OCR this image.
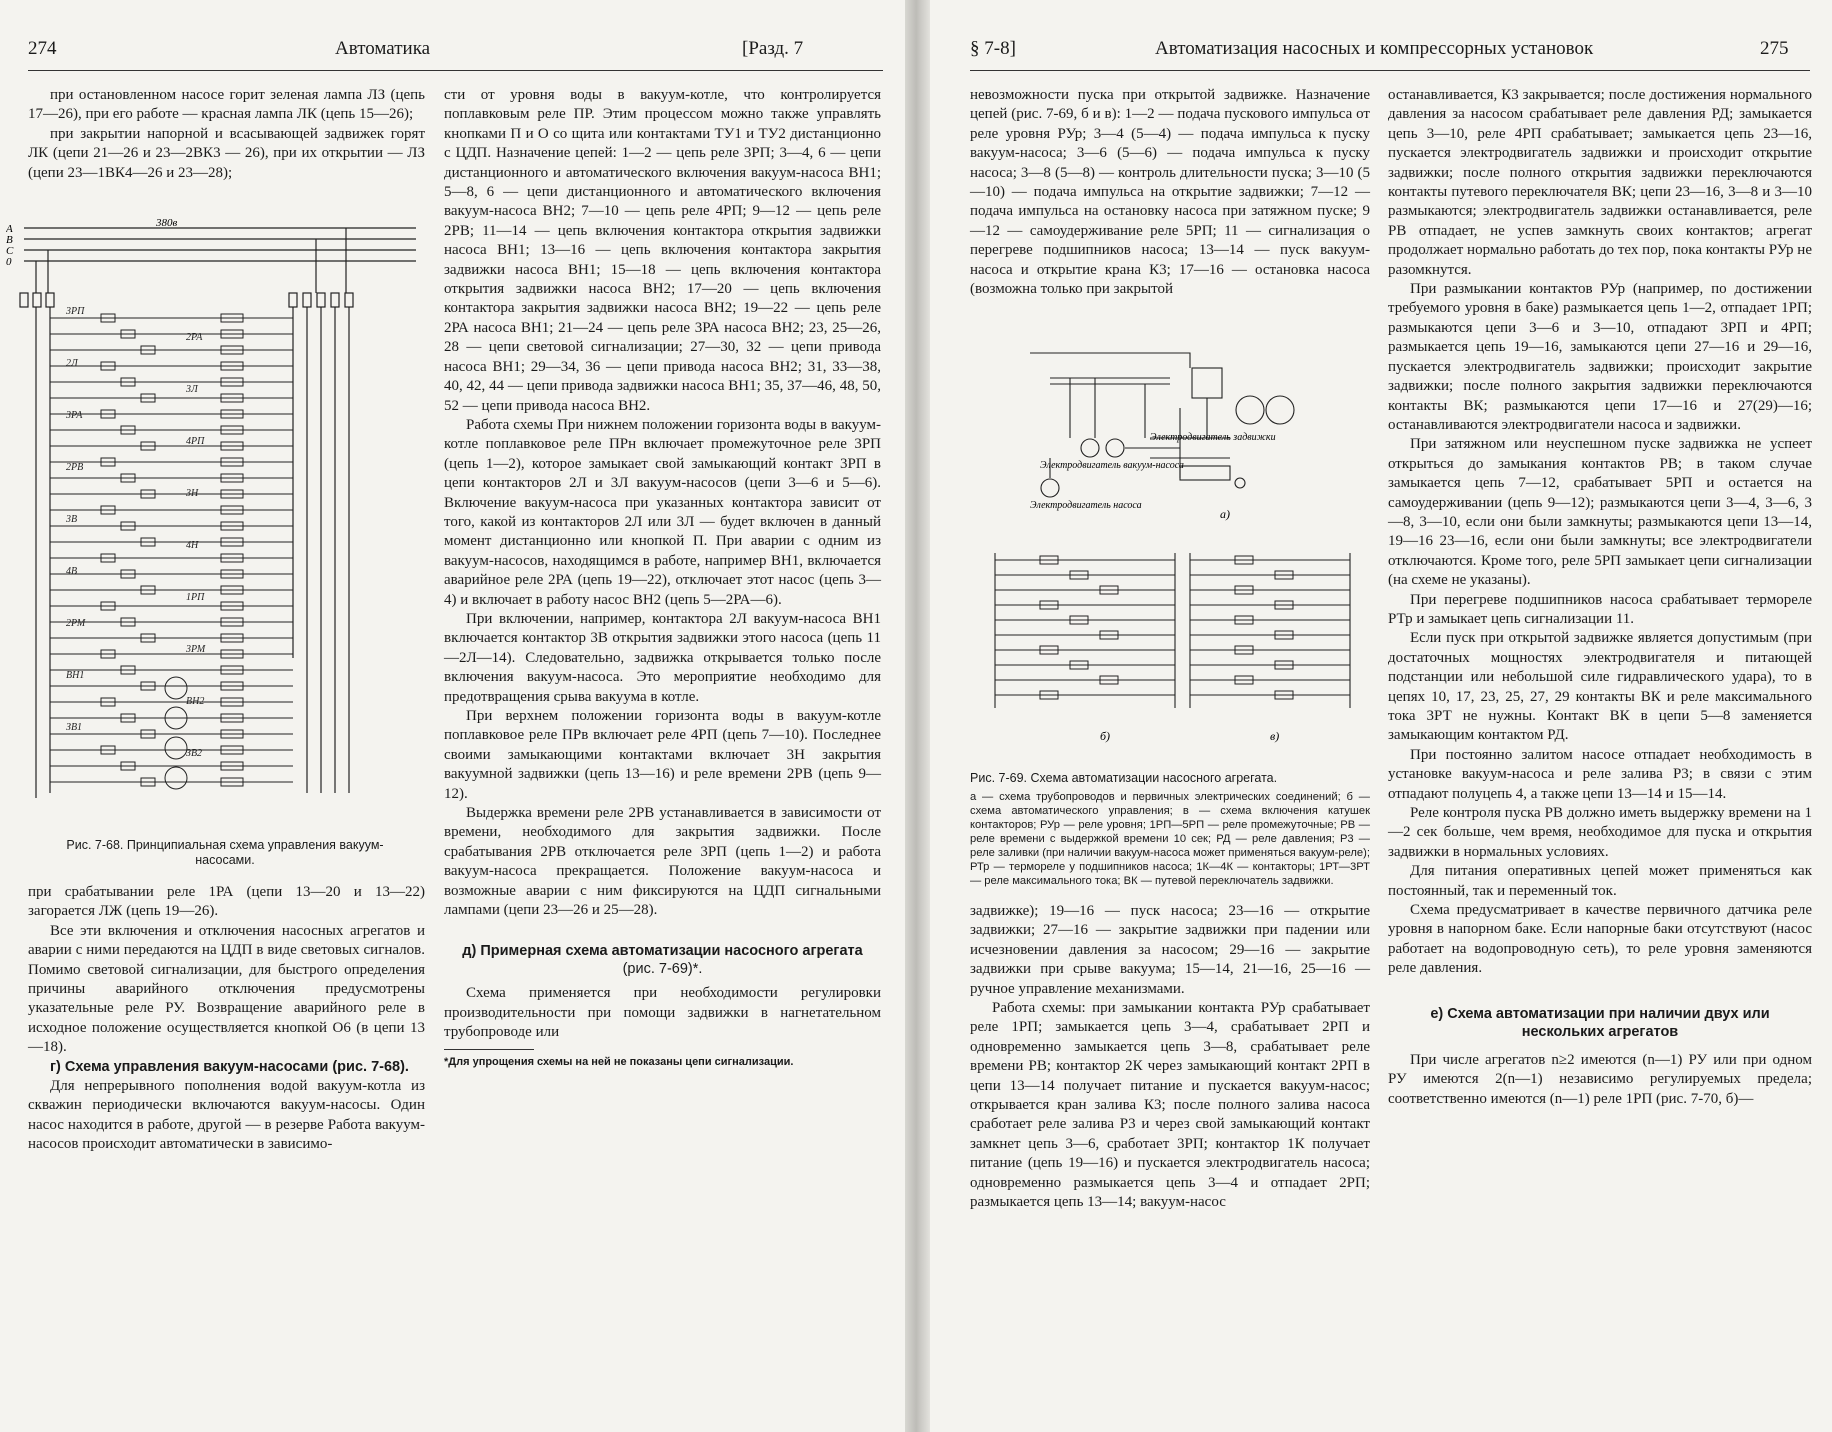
274	Автоматика	[Разд. 7

при остановленном насосе горит зеленая лампа ЛЗ (цепь 17—26), при его работе — красная лампа ЛК (цепь 15—26);

при закрытии напорной и всасывающей задвижек горят ЛК (цепи 21—26 и 23—2ВК3 — 26), при их открытии — ЛЗ (цепи 23—1ВК4—26 и 23—28);

3РП
2РА
2Л
3Л
3РА
4РП
2РВ
3Н
3В
4Н
4В
1РП
2РМ
3РМ
ВН1
ВН2
ЗВ1
ЗВ2
А
В
С
0
380в
Рис. 7-68. Принципиальная схема управления вакуум-насосами.

при срабатывании реле 1РА (цепи 13—20 и 13—22) загорается ЛЖ (цепь 19—26).

Все эти включения и отключения насосных агрегатов и аварии с ними передаются на ЦДП в виде световых сигналов. Помимо световой сигнализации, для быстрого определения причины аварийного отключения предусмотрены указательные реле РУ. Возвращение аварийного реле в исходное положение осуществляется кнопкой О6 (в цепи 13—18).

г) Схема управления вакуум-насосами (рис. 7-68).

Для непрерывного пополнения водой вакуум-котла из скважин периодически включаются вакуум-насосы. Один насос находится в работе, другой — в резерве Работа вакуум-насосов происходит автоматически в зависимо-

сти от уровня воды в вакуум-котле, что контролируется поплавковым реле ПР. Этим процессом можно также управлять кнопками П и О со щита или контактами ТУ1 и ТУ2 дистанционно с ЦДП. Назначение цепей: 1—2 — цепь реле 3РП; 3—4, 6 — цепи дистанционного и автоматического включения вакуум-насоса ВН1; 5—8, 6 — цепи дистанционного и автоматического включения вакуум-насоса ВН2; 7—10 — цепь реле 4РП; 9—12 — цепь реле 2РВ; 11—14 — цепь включения контактора открытия задвижки насоса ВН1; 13—16 — цепь включения контактора закрытия задвижки насоса ВН1; 15—18 — цепь включения контактора открытия задвижки насоса ВН2; 17—20 — цепь включения контактора закрытия задвижки насоса ВН2; 19—22 — цепь реле 2РА насоса ВН1; 21—24 — цепь реле 3РА насоса ВН2; 23, 25—26, 28 — цепи световой сигнализации; 27—30, 32 — цепи привода насоса ВН1; 29—34, 36 — цепи привода насоса ВН2; 31, 33—38, 40, 42, 44 — цепи привода задвижки насоса ВН1; 35, 37—46, 48, 50, 52 — цепи привода насоса ВН2.

Работа схемы При нижнем положении горизонта воды в вакуум-котле поплавковое реле ПРн включает промежуточное реле 3РП (цепь 1—2), которое замыкает свой замыкающий контакт 3РП в цепи контакторов 2Л и 3Л вакуум-насосов (цепи 3—6 и 5—6). Включение вакуум-насоса при указанных контактора зависит от того, какой из контакторов 2Л или 3Л — будет включен в данный момент дистанционно или кнопкой П. При аварии с одним из вакуум-насосов, находящимся в работе, например ВН1, включается аварийное реле 2РА (цепь 19—22), отключает этот насос (цепь 3—4) и включает в работу насос ВН2 (цепь 5—2РА—6).

При включении, например, контактора 2Л вакуум-насоса ВН1 включается контактор 3В открытия задвижки этого насоса (цепь 11—2Л—14). Следовательно, задвижка открывается только после включения вакуум-насоса. Это мероприятие необходимо для предотвращения срыва вакуума в котле.

При верхнем положении горизонта воды в вакуум-котле поплавковое реле ПРв включает реле 4РП (цепь 7—10). Последнее своими замыкающими контактами включает 3Н закрытия вакуумной задвижки (цепь 13—16) и реле времени 2РВ (цепь 9—12).

Выдержка времени реле 2РВ устанавливается в зависимости от времени, необходимого для закрытия задвижки. После срабатывания 2РВ отключается реле 3РП (цепь 1—2) и работа вакуум-насоса прекращается. Положение вакуум-насоса и возможные аварии с ним фиксируются на ЦДП сигнальными лампами (цепи 23—26 и 25—28).

д) Примерная схема автоматизации насосного агрегата
(рис. 7-69)*.

Схема применяется при необходимости регулировки производительности при помощи задвижки в нагнетательном трубопроводе или

*Для упрощения схемы на ней не показаны цепи сигнализации.
§ 7-8]	Автоматизация насосных и компрессорных установок	275

невозможности пуска при открытой задвижке. Назначение цепей (рис. 7-69, б и в): 1—2 — подача пускового импульса от реле уровня РУр; 3—4 (5—4) — подача импульса к пуску вакуум-насоса; 3—6 (5—6) — подача импульса к пуску насоса; 3—8 (5—8) — контроль длительности пуска; 3—10 (5—10) — подача импульса на открытие задвижки; 7—12 — подача импульса на остановку насоса при затяжном пуске; 9—12 — самоудерживание реле 5РП; 11 — сигнализация о перегреве подшипников насоса; 13—14 — пуск вакуум-насоса и открытие крана К3; 17—16 — остановка насоса (возможна только при закрытой

Электродвигатель вакуум-насоса
Электродвигатель задвижки
Электродвигатель насоса
а)
б)	в)
Рис. 7-69. Схема автоматизации насосного агрегата.
а — схема трубопроводов и первичных электрических соединений; б — схема автоматического управления; в — схема включения катушек контакторов; РУр — реле уровня; 1РП—5РП — реле промежуточные; РВ — реле времени с выдержкой времени 10 сек; РД — реле давления; Р3 — реле заливки (при наличии вакуум-насоса может применяться вакуум-реле); РТр — термореле у подшипников насоса; 1К—4К — контакторы; 1РТ—3РТ — реле максимального тока; ВК — путевой переключатель задвижки.

задвижке); 19—16 — пуск насоса; 23—16 — открытие задвижки; 27—16 — закрытие задвижки при падении или исчезновении давления за насосом; 29—16 — закрытие задвижки при срыве вакуума; 15—14, 21—16, 25—16 — ручное управление механизмами.

Работа схемы: при замыкании контакта РУр срабатывает реле 1РП; замыкается цепь 3—4, срабатывает 2РП и одновременно замыкается цепь 3—8, срабатывает реле времени РВ; контактор 2К через замыкающий контакт 2РП в цепи 13—14 получает питание и пускается вакуум-насос; открывается кран залива К3; после полного залива насоса сработает реле залива Р3 и через свой замыкающий контакт замкнет цепь 3—6, сработает 3РП; контактор 1К получает питание (цепь 19—16) и пускается электродвигатель насоса; одновременно размыкается цепь 3—4 и отпадает 2РП; размыкается цепь 13—14; вакуум-насос

останавливается, К3 закрывается; после достижения нормального давления за насосом срабатывает реле давления РД; замыкается цепь 3—10, реле 4РП срабатывает; замыкается цепь 23—16, пускается электродвигатель задвижки и происходит открытие задвижки; после полного открытия задвижки переключаются контакты путевого переключателя ВК; цепи 23—16, 3—8 и 3—10 размыкаются; электродвигатель задвижки останавливается, реле РВ отпадает, не успев замкнуть своих контактов; агрегат продолжает нормально работать до тех пор, пока контакты РУр не разомкнутся.

При размыкании контактов РУр (например, по достижении требуемого уровня в баке) размыкается цепь 1—2, отпадает 1РП; размыкаются цепи 3—6 и 3—10, отпадают 3РП и 4РП; размыкается цепь 19—16, замыкаются цепи 27—16 и 29—16, пускается электродвигатель задвижки; происходит закрытие задвижки; после полного закрытия задвижки переключаются контакты ВК; размыкаются цепи 17—16 и 27(29)—16; останавливаются электродвигатели насоса и задвижки.

При затяжном или неуспешном пуске задвижка не успеет открыться до замыкания контактов РВ; в таком случае замыкается цепь 7—12, срабатывает 5РП и остается на самоудерживании (цепь 9—12); размыкаются цепи 3—4, 3—6, 3—8, 3—10, если они были замкнуты; размыкаются цепи 13—14, 19—16 23—16, если они были замкнуты; все электродвигатели отключаются. Кроме того, реле 5РП замыкает цепи сигнализации (на схеме не указаны).

При перегреве подшипников насоса срабатывает термореле РТр и замыкает цепь сигнализации 11.

Если пуск при открытой задвижке является допустимым (при достаточных мощностях электродвигателя и питающей подстанции или небольшой силе гидравлического удара), то в цепях 10, 17, 23, 25, 27, 29 контакты ВК и реле максимального тока 3РТ не нужны. Контакт ВК в цепи 5—8 заменяется замыкающим контактом РД.

При постоянно залитом насосе отпадает необходимость в установке вакуум-насоса и реле залива Р3; в связи с этим отпадают полуцепь 4, а также цепи 13—14 и 15—14.

Реле контроля пуска РВ должно иметь выдержку времени на 1—2 сек больше, чем время, необходимое для пуска и открытия задвижки в нормальных условиях.

Для питания оперативных цепей может применяться как постоянный, так и переменный ток.

Схема предусматривает в качестве первичного датчика реле уровня в напорном баке. Если напорные баки отсутствуют (насос работает на водопроводную сеть), то реле уровня заменяются реле давления.

е) Схема автоматизации при наличии двух или нескольких агрегатов

При числе агрегатов n≥2 имеются (n—1) РУ или при одном РУ имеются 2(n—1) независимо регулируемых предела; соответственно имеются (n—1) реле 1РП (рис. 7-70, б)—
